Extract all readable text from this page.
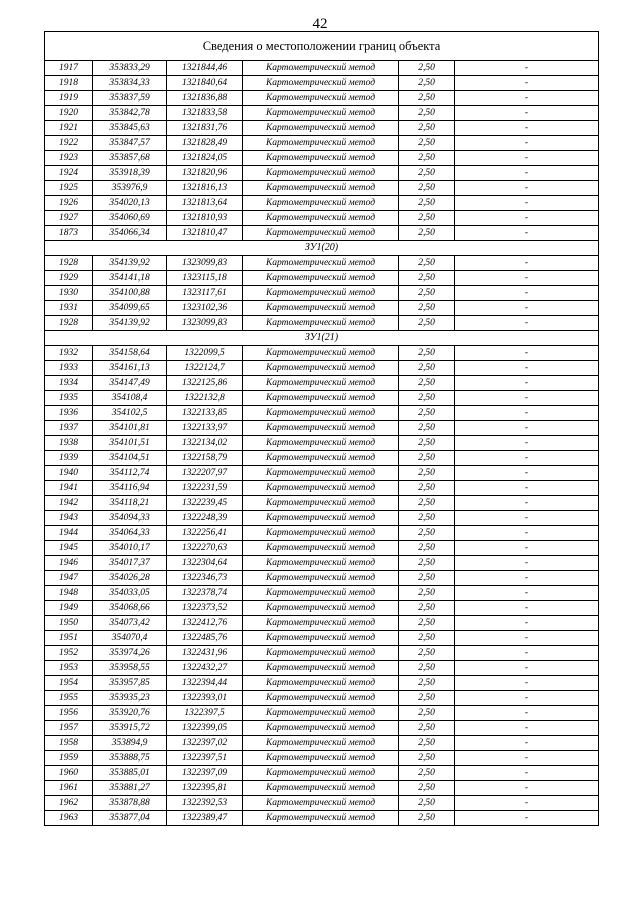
42
Сведения о местоположении границ объекта					
1917	353833,29	1321844,46	Картометрический метод	2,50	-
1918	353834,33	1321840,64	Картометрический метод	2,50	-
1919	353837,59	1321836,88	Картометрический метод	2,50	-
1920	353842,78	1321833,58	Картометрический метод	2,50	-
1921	353845,63	1321831,76	Картометрический метод	2,50	-
1922	353847,57	1321828,49	Картометрический метод	2,50	-
1923	353857,68	1321824,05	Картометрический метод	2,50	-
1924	353918,39	1321820,96	Картометрический метод	2,50	-
1925	353976,9	1321816,13	Картометрический метод	2,50	-
1926	354020,13	1321813,64	Картометрический метод	2,50	-
1927	354060,69	1321810,93	Картометрический метод	2,50	-
1873	354066,34	1321810,47	Картометрический метод	2,50	-
ЗУ1(20)					
1928	354139,92	1323099,83	Картометрический метод	2,50	-
1929	354141,18	1323115,18	Картометрический метод	2,50	-
1930	354100,88	1323117,61	Картометрический метод	2,50	-
1931	354099,65	1323102,36	Картометрический метод	2,50	-
1928	354139,92	1323099,83	Картометрический метод	2,50	-
ЗУ1(21)					
1932	354158,64	1322099,5	Картометрический метод	2,50	-
1933	354161,13	1322124,7	Картометрический метод	2,50	-
1934	354147,49	1322125,86	Картометрический метод	2,50	-
1935	354108,4	1322132,8	Картометрический метод	2,50	-
1936	354102,5	1322133,85	Картометрический метод	2,50	-
1937	354101,81	1322133,97	Картометрический метод	2,50	-
1938	354101,51	1322134,02	Картометрический метод	2,50	-
1939	354104,51	1322158,79	Картометрический метод	2,50	-
1940	354112,74	1322207,97	Картометрический метод	2,50	-
1941	354116,94	1322231,59	Картометрический метод	2,50	-
1942	354118,21	1322239,45	Картометрический метод	2,50	-
1943	354094,33	1322248,39	Картометрический метод	2,50	-
1944	354064,33	1322256,41	Картометрический метод	2,50	-
1945	354010,17	1322270,63	Картометрический метод	2,50	-
1946	354017,37	1322304,64	Картометрический метод	2,50	-
1947	354026,28	1322346,73	Картометрический метод	2,50	-
1948	354033,05	1322378,74	Картометрический метод	2,50	-
1949	354068,66	1322373,52	Картометрический метод	2,50	-
1950	354073,42	1322412,76	Картометрический метод	2,50	-
1951	354070,4	1322485,76	Картометрический метод	2,50	-
1952	353974,26	1322431,96	Картометрический метод	2,50	-
1953	353958,55	1322432,27	Картометрический метод	2,50	-
1954	353957,85	1322394,44	Картометрический метод	2,50	-
1955	353935,23	1322393,01	Картометрический метод	2,50	-
1956	353920,76	1322397,5	Картометрический метод	2,50	-
1957	353915,72	1322399,05	Картометрический метод	2,50	-
1958	353894,9	1322397,02	Картометрический метод	2,50	-
1959	353888,75	1322397,51	Картометрический метод	2,50	-
1960	353885,01	1322397,09	Картометрический метод	2,50	-
1961	353881,27	1322395,81	Картометрический метод	2,50	-
1962	353878,88	1322392,53	Картометрический метод	2,50	-
1963	353877,04	1322389,47	Картометрический метод	2,50	-
